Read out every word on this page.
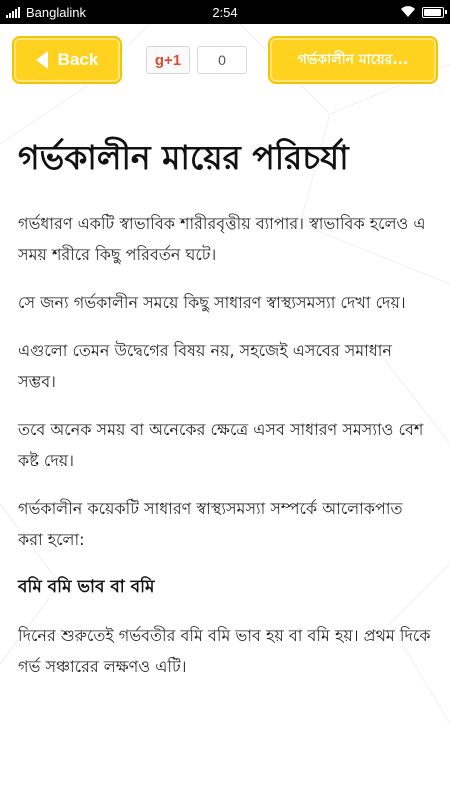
Banglalink	2:54
Back	g+1	0	গর্ভকালীন মায়ের...
গর্ভকালীন মায়ের পরিচর্যা

গর্ভধারণ একটি স্বাভাবিক শারীরবৃত্তীয় ব্যাপার। স্বাভাবিক হলেও এ সময় শরীরে কিছু পরিবর্তন ঘটে।

সে জন্য গর্ভকালীন সময়ে কিছু সাধারণ স্বাস্থ্যসমস্যা দেখা দেয়।

এগুলো তেমন উদ্বেগের বিষয় নয়, সহজেই এসবের সমাধান সম্ভব।

তবে অনেক সময় বা অনেকের ক্ষেত্রে এসব সাধারণ সমস্যাও বেশ কষ্ট দেয়।

গর্ভকালীন কয়েকটি সাধারণ স্বাস্থ্যসমস্যা সম্পর্কে আলোকপাত করা হলো:

বমি বমি ভাব বা বমি

দিনের শুরুতেই গর্ভবতীর বমি বমি ভাব হয় বা বমি হয়। প্রথম দিকে গর্ভ সঞ্চারের লক্ষণও এটি।
